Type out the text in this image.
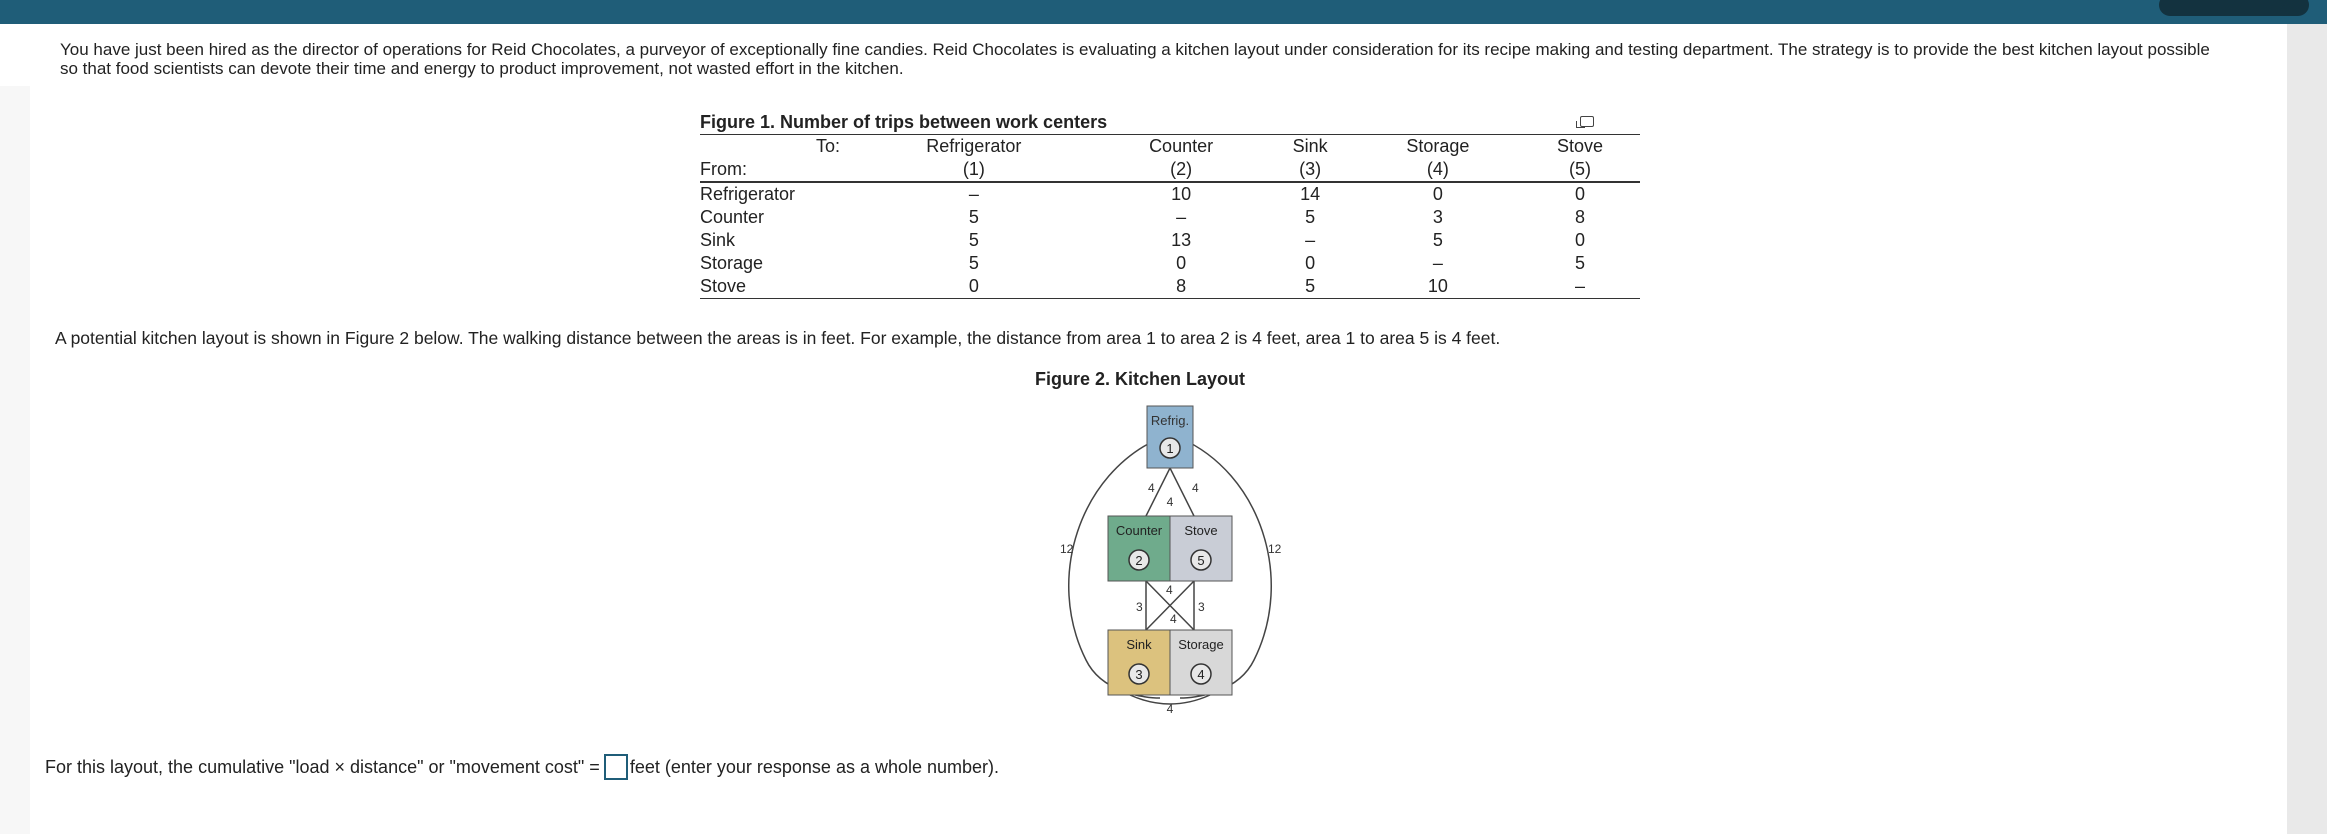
You have just been hired as the director of operations for Reid Chocolates, a purveyor of exceptionally fine candies. Reid Chocolates is evaluating a kitchen layout under consideration for its recipe making and testing department. The strategy is to provide the best kitchen layout possible so that food scientists can devote their time and energy to product improvement, not wasted effort in the kitchen.
Figure 1. Number of trips between work centers
To:	Refrigerator	Counter	Sink	Storage	Stove
From:	(1)	(2)	(3)	(4)	(5)
Refrigerator	–	10	14	0	0
Counter	5	–	5	3	8
Sink	5	13	–	5	0
Storage	5	0	0	–	5
Stove	0	8	5	10	–
A potential kitchen layout is shown in Figure 2 below. The walking distance between the areas is in feet. For example, the distance from area 1 to area 2 is 4 feet, area 1 to area 5 is 4 feet.
Figure 2. Kitchen Layout
Refrig.
1
Counter
2
Stove
5
Sink
3
Storage
4
4	4
4
12	12
3	3
4
4
4
For this layout, the cumulative "load × distance" or "movement cost" = feet (enter your response as a whole number).
